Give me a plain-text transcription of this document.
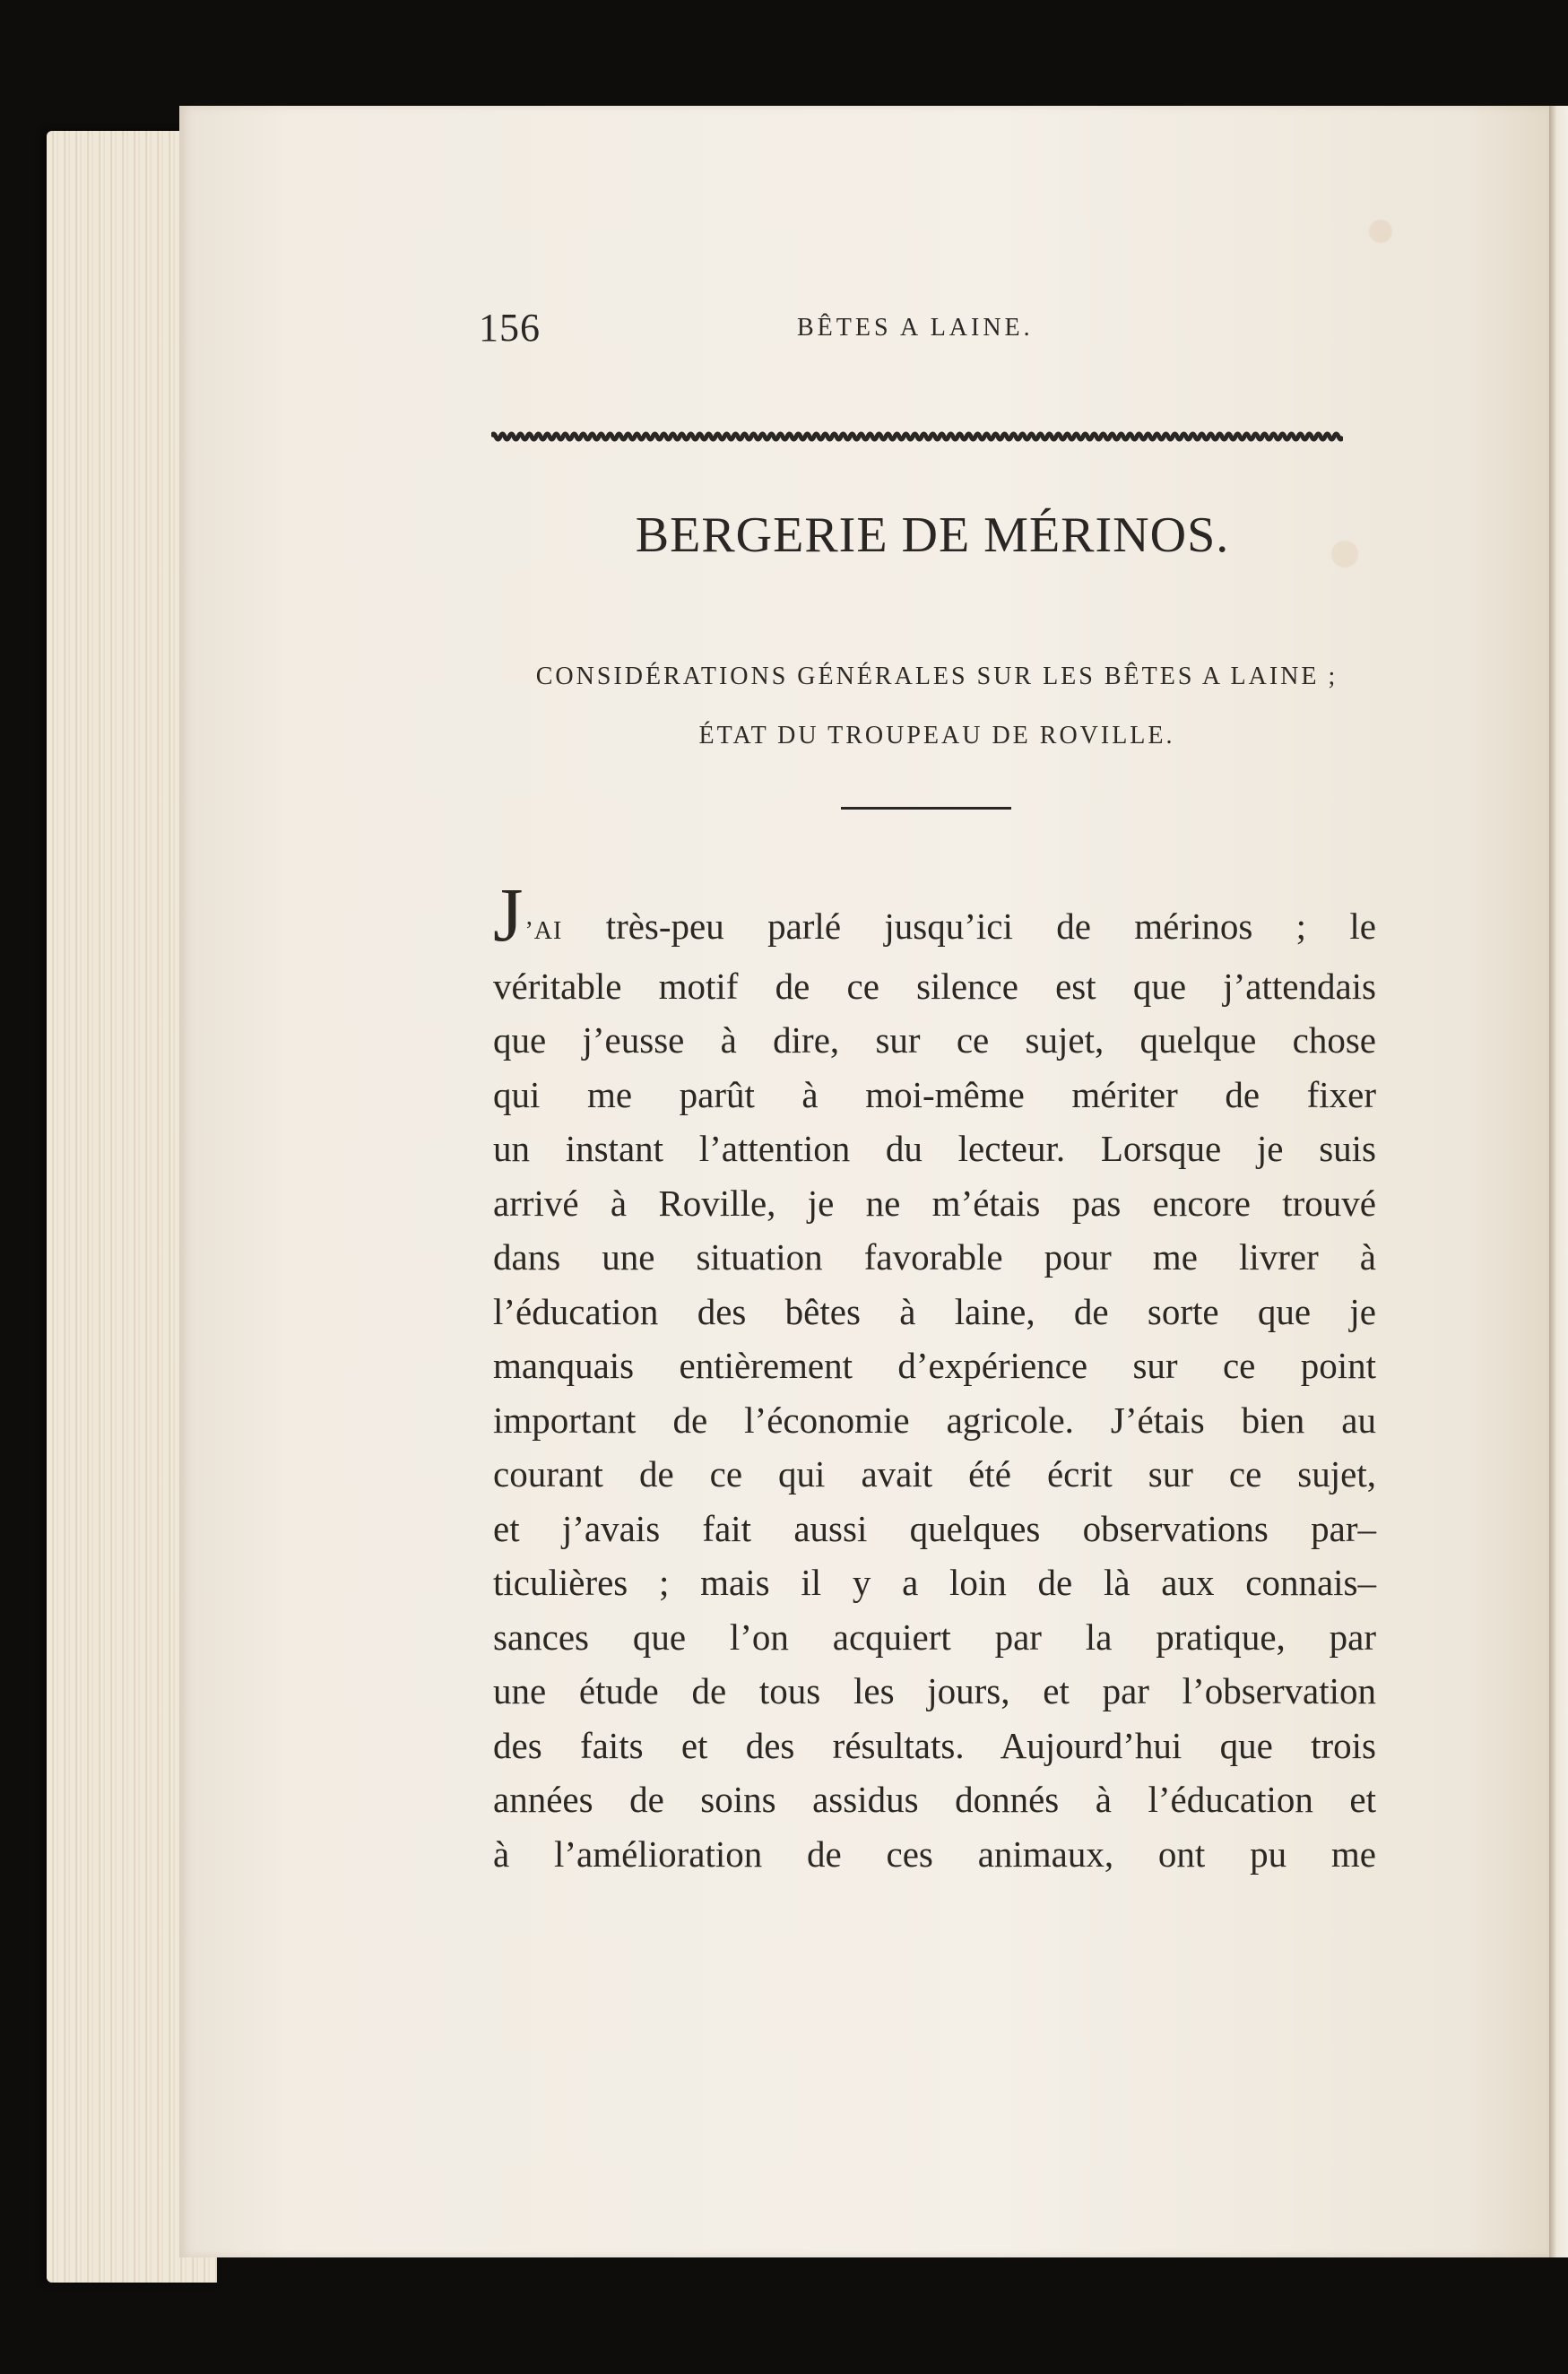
156	BÊTES A LAINE.
BERGERIE DE MÉRINOS.
CONSIDÉRATIONS GÉNÉRALES SUR LES BÊTES A LAINE ;
ÉTAT DU TROUPEAU DE ROVILLE.
J’AI très-peu parlé jusqu’ici de mérinos ; le
véritable motif de ce silence est que j’attendais
que j’eusse à dire, sur ce sujet, quelque chose
qui me parût à moi-même mériter de fixer
un instant l’attention du lecteur. Lorsque je suis
arrivé à Roville, je ne m’étais pas encore trouvé
dans une situation favorable pour me livrer à
l’éducation des bêtes à laine, de sorte que je
manquais entièrement d’expérience sur ce point
important de l’économie agricole. J’étais bien au
courant de ce qui avait été écrit sur ce sujet,
et j’avais fait aussi quelques observations par–
ticulières ; mais il y a loin de là aux connais–
sances que l’on acquiert par la pratique, par
une étude de tous les jours, et par l’observation
des faits et des résultats. Aujourd’hui que trois
années de soins assidus donnés à l’éducation et
à l’amélioration de ces animaux, ont pu me
